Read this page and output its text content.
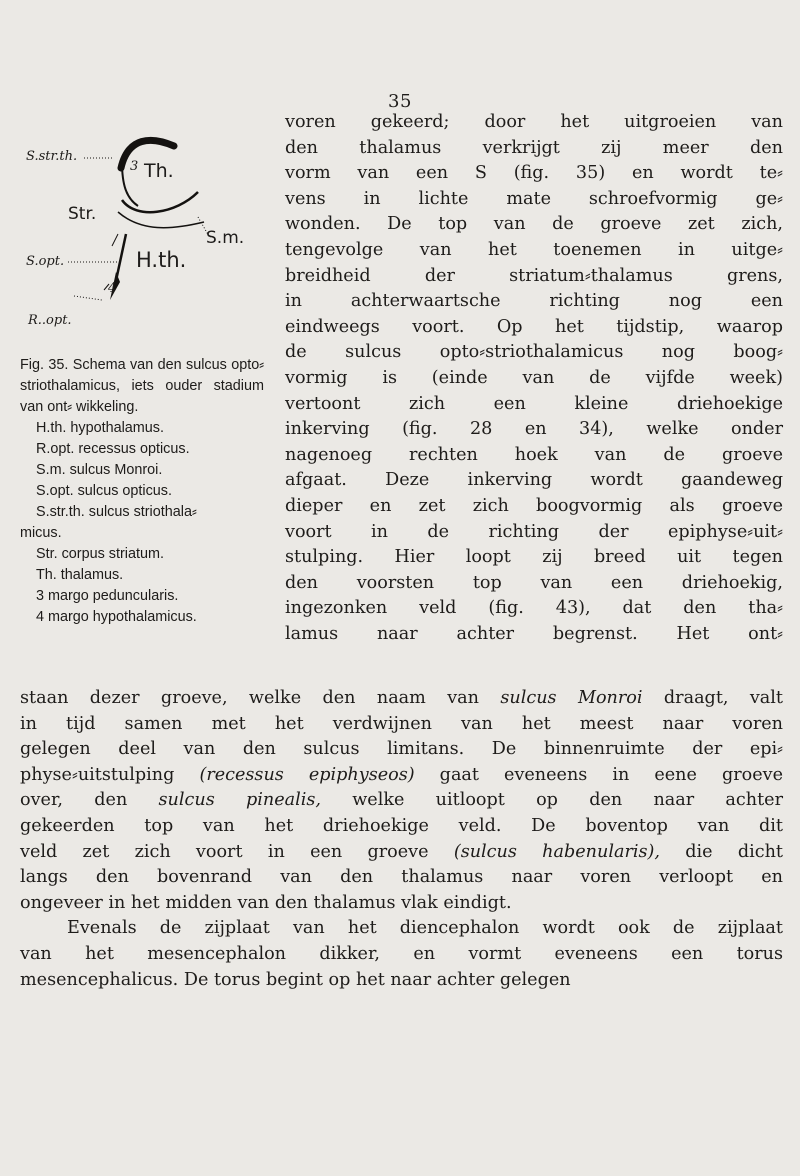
35
S.str.th.
3 Th.
Str.
S.m.
S.opt.	H.th.
4
R..opt.

Fig. 35. Schema van den sulcus opto⸗striothalamicus, iets ouder stadium van ont⸗ wikkeling.

H.th. hypothalamus.

R.opt. recessus opticus.

S.m. sulcus Monroi.

S.opt. sulcus opticus.

S.str.th. sulcus striothala⸗

micus.

Str. corpus striatum.

Th. thalamus.

3 margo peduncularis.

4 margo hypothalamicus.

voren gekeerd; door het uitgroeien van
den thalamus verkrijgt zij meer den
vorm van een S (fig. 35) en wordt te⸗
vens in lichte mate schroefvormig ge⸗
wonden. De top van de groeve zet zich,
tengevolge van het toenemen in uitge⸗
breidheid der striatum⸗thalamus grens,
in achterwaartsche richting nog een
eindweegs voort. Op het tijdstip, waarop
de sulcus opto⸗striothalamicus nog boog⸗
vormig is (einde van de vijfde week)
vertoont zich een kleine driehoekige
inkerving (fig. 28 en 34), welke onder
nagenoeg rechten hoek van de groeve
afgaat. Deze inkerving wordt gaandeweg
dieper en zet zich boogvormig als groeve
voort in de richting der epiphyse⸗uit⸗
stulping. Hier loopt zij breed uit tegen
den voorsten top van een driehoekig,
ingezonken veld (fig. 43), dat den tha⸗
lamus naar achter begrenst. Het ont⸗
staan dezer groeve, welke den naam van sulcus Monroi draagt, valt
in tijd samen met het verdwijnen van het meest naar voren
gelegen deel van den sulcus limitans. De binnenruimte der epi⸗
physe⸗uitstulping (recessus epiphyseos) gaat eveneens in eene groeve
over, den sulcus pinealis, welke uitloopt op den naar achter
gekeerden top van het driehoekige veld. De boventop van dit
veld zet zich voort in een groeve (sulcus habenularis), die dicht
langs den bovenrand van den thalamus naar voren verloopt en
ongeveer in het midden van den thalamus vlak eindigt.
Evenals de zijplaat van het diencephalon wordt ook de zijplaat
van het mesencephalon dikker, en vormt eveneens een torus
mesencephalicus. De torus begint op het naar achter gelegen
